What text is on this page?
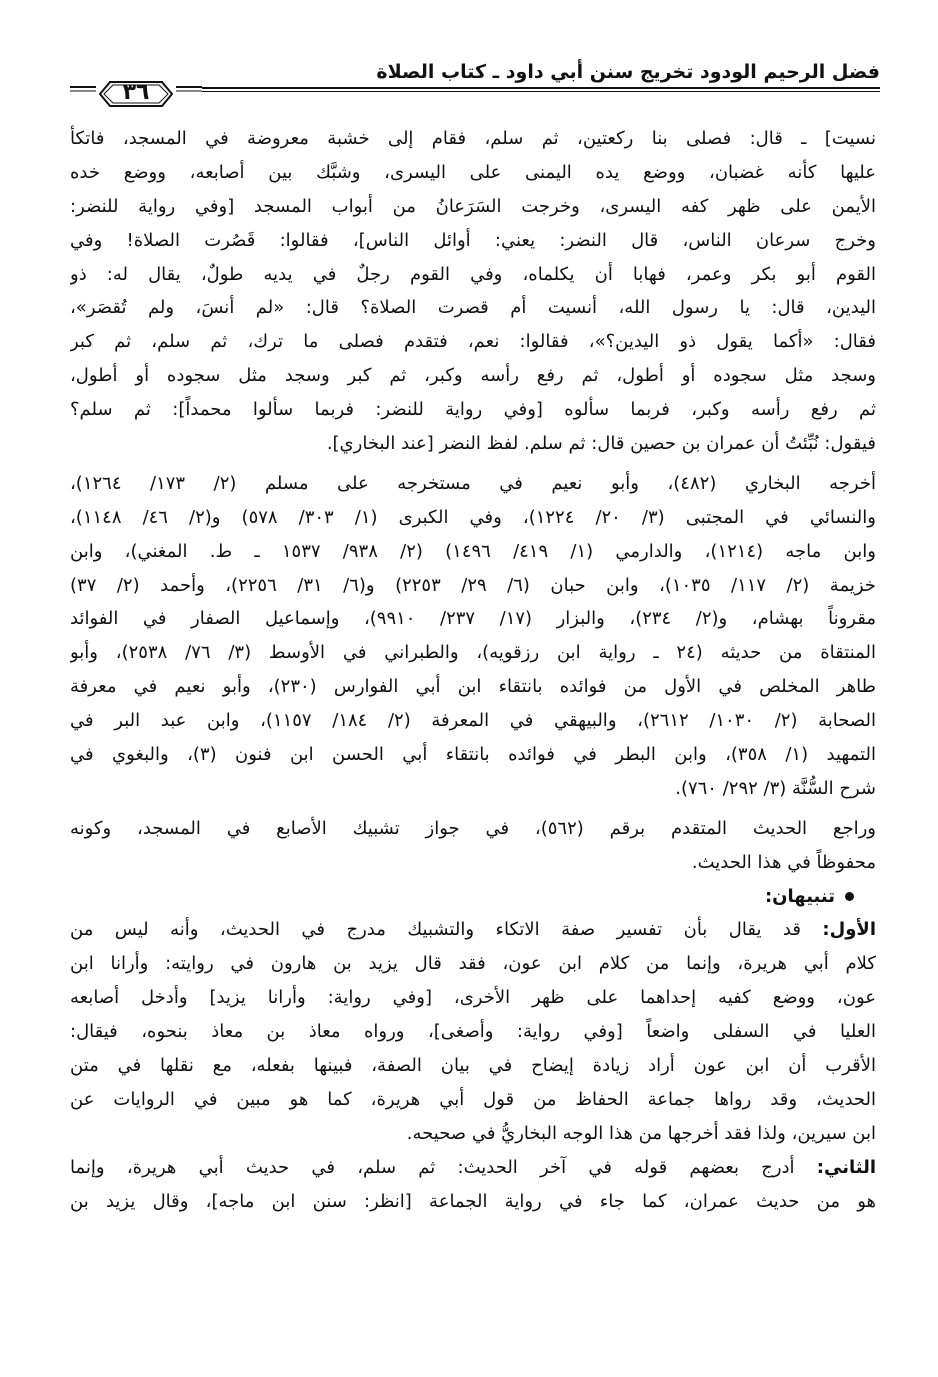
فضل الرحيم الودود تخريج سنن أبي داود ـ كتاب الصلاة
٣٦
نسيت] ـ قال: فصلى بنا ركعتين، ثم سلم، فقام إلى خشبة معروضة في المسجد، فاتكأ
عليها كأنه غضبان، ووضع يده اليمنى على اليسرى، وشبَّك بين أصابعه، ووضع خده
الأيمن على ظهر كفه اليسرى، وخرجت السَرَعانُ من أبواب المسجد [وفي رواية للنضر:
وخرج سرعان الناس، قال النضر: يعني: أوائل الناس]، فقالوا: قَصُرت الصلاة! وفي
القوم أبو بكر وعمر، فهابا أن يكلماه، وفي القوم رجلٌ في يديه طولٌ، يقال له: ذو
اليدين، قال: يا رسول الله، أنسيت أم قصرت الصلاة؟ قال: «لم أنسَ، ولم تُقصَر»،
فقال: «أكما يقول ذو اليدين؟»، فقالوا: نعم، فتقدم فصلى ما ترك، ثم سلم، ثم كبر
وسجد مثل سجوده أو أطول، ثم رفع رأسه وكبر، ثم كبر وسجد مثل سجوده أو أطول،
ثم رفع رأسه وكبر، فربما سألوه [وفي رواية للنضر: فربما سألوا محمداً]: ثم سلم؟
فيقول: نُبِّئتُ أن عمران بن حصين قال: ثم سلم. لفظ النضر [عند البخاري].
أخرجه البخاري (٤٨٢)، وأبو نعيم في مستخرجه على مسلم (٢/ ١٧٣/ ١٢٦٤)،
والنسائي في المجتبى (٣/ ٢٠/ ١٢٢٤)، وفي الكبرى (١/ ٣٠٣/ ٥٧٨) و(٢/ ٤٦/ ١١٤٨)،
وابن ماجه (١٢١٤)، والدارمي (١/ ٤١٩/ ١٤٩٦) (٢/ ٩٣٨/ ١٥٣٧ ـ ط. المغني)، وابن
خزيمة (٢/ ١١٧/ ١٠٣٥)، وابن حبان (٦/ ٢٩/ ٢٢٥٣) و(٦/ ٣١/ ٢٢٥٦)، وأحمد (٢/ ٣٧)
مقروناً بهشام، و(٢/ ٢٣٤)، والبزار (١٧/ ٢٣٧/ ٩٩١٠)، وإسماعيل الصفار في الفوائد
المنتقاة من حديثه (٢٤ ـ رواية ابن رزقويه)، والطبراني في الأوسط (٣/ ٧٦/ ٢٥٣٨)، وأبو
طاهر المخلص في الأول من فوائده بانتقاء ابن أبي الفوارس (٢٣٠)، وأبو نعيم في معرفة
الصحابة (٢/ ١٠٣٠/ ٢٦١٢)، والبيهقي في المعرفة (٢/ ١٨٤/ ١١٥٧)، وابن عبد البر في
التمهيد (١/ ٣٥٨)، وابن البطر في فوائده بانتقاء أبي الحسن ابن فنون (٣)، والبغوي في
شرح السُّنَّة (٣/ ٢٩٢/ ٧٦٠).
وراجع الحديث المتقدم برقم (٥٦٢)، في جواز تشبيك الأصابع في المسجد، وكونه
محفوظاً في هذا الحديث.
تنبيهان:
الأول: قد يقال بأن تفسير صفة الاتكاء والتشبيك مدرج في الحديث، وأنه ليس من
كلام أبي هريرة، وإنما من كلام ابن عون، فقد قال يزيد بن هارون في روايته: وأرانا ابن
عون، ووضع كفيه إحداهما على ظهر الأخرى، [وفي رواية: وأرانا يزيد] وأدخل أصابعه
العليا في السفلى واضعاً [وفي رواية: وأصغى]، ورواه معاذ بن معاذ بنحوه، فيقال:
الأقرب أن ابن عون أراد زيادة إيضاح في بيان الصفة، فبينها بفعله، مع نقلها في متن
الحديث، وقد رواها جماعة الحفاظ من قول أبي هريرة، كما هو مبين في الروايات عن
ابن سيرين، ولذا فقد أخرجها من هذا الوجه البخاريُّ في صحيحه.
الثاني: أدرج بعضهم قوله في آخر الحديث: ثم سلم، في حديث أبي هريرة، وإنما
هو من حديث عمران، كما جاء في رواية الجماعة [انظر: سنن ابن ماجه]، وقال يزيد بن
